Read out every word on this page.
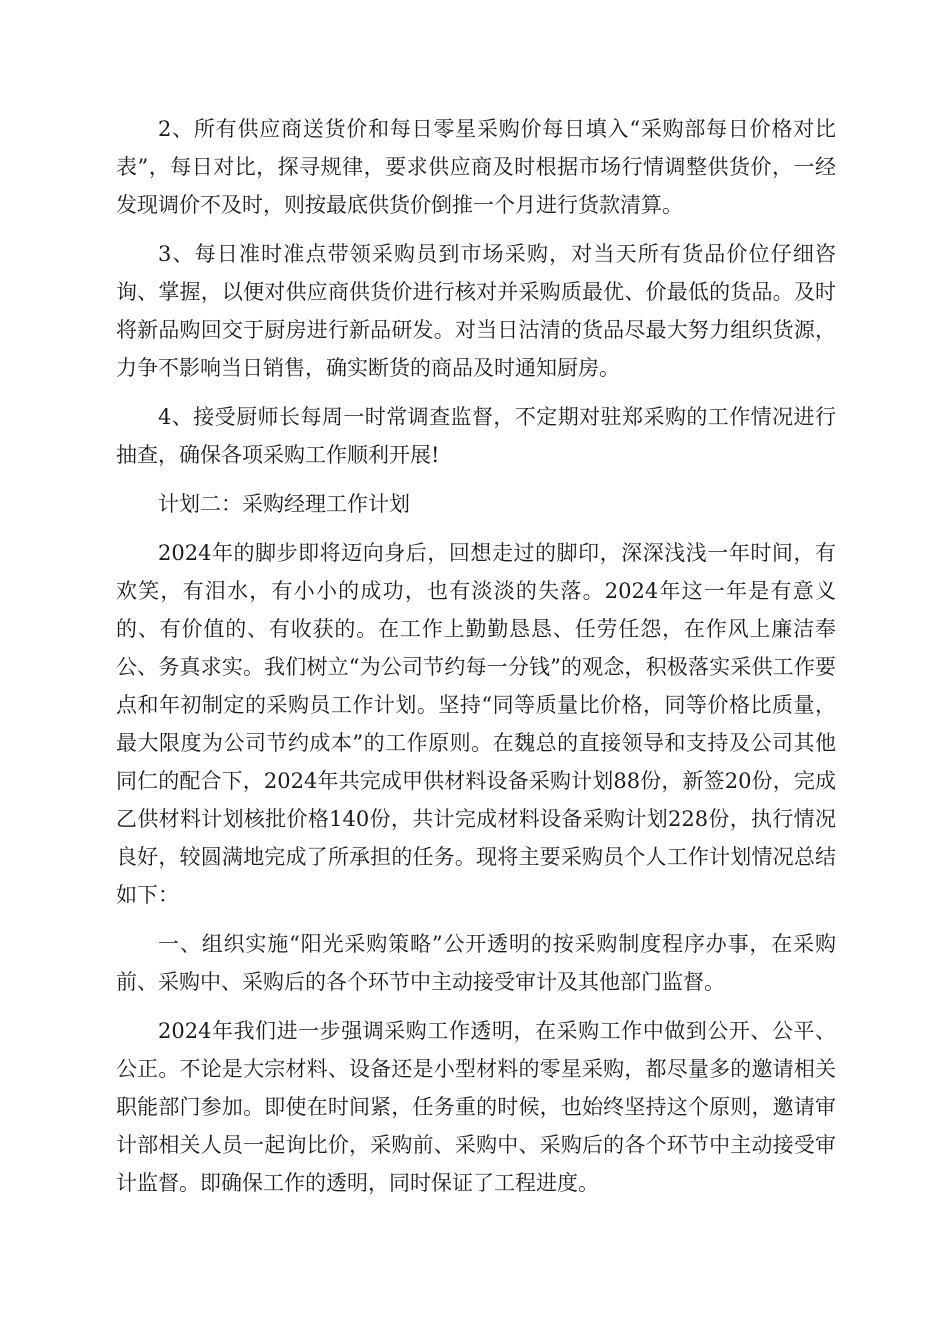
2、所有供应商送货价和每日零星采购价每日填入“采购部每日价格对比表”，每日对比，探寻规律，要求供应商及时根据市场行情调整供货价，一经发现调价不及时，则按最底供货价倒推一个月进行货款清算。

3、每日准时准点带领采购员到市场采购，对当天所有货品价位仔细咨询、掌握，以便对供应商供货价进行核对并采购质最优、价最低的货品。及时将新品购回交于厨房进行新品研发。对当日沽清的货品尽最大努力组织货源，力争不影响当日销售，确实断货的商品及时通知厨房。

4、接受厨师长每周一时常调查监督，不定期对驻郑采购的工作情况进行抽查，确保各项采购工作顺利开展!

计划二：采购经理工作计划

2024年的脚步即将迈向身后，回想走过的脚印，深深浅浅一年时间，有欢笑，有泪水，有小小的成功，也有淡淡的失落。2024年这一年是有意义的、有价值的、有收获的。在工作上勤勤恳恳、任劳任怨，在作风上廉洁奉公、务真求实。我们树立“为公司节约每一分钱”的观念，积极落实采供工作要点和年初制定的采购员工作计划。坚持“同等质量比价格，同等价格比质量，最大限度为公司节约成本”的工作原则。在魏总的直接领导和支持及公司其他同仁的配合下，2024年共完成甲供材料设备采购计划88份，新签20份，完成乙供材料计划核批价格140份，共计完成材料设备采购计划228份，执行情况良好，较圆满地完成了所承担的任务。现将主要采购员个人工作计划情况总结如下：

一、组织实施“阳光采购策略”公开透明的按采购制度程序办事，在采购前、采购中、采购后的各个环节中主动接受审计及其他部门监督。

2024年我们进一步强调采购工作透明，在采购工作中做到公开、公平、公正。不论是大宗材料、设备还是小型材料的零星采购，都尽量多的邀请相关职能部门参加。即使在时间紧，任务重的时候，也始终坚持这个原则，邀请审计部相关人员一起询比价，采购前、采购中、采购后的各个环节中主动接受审计监督。即确保工作的透明，同时保证了工程进度。
